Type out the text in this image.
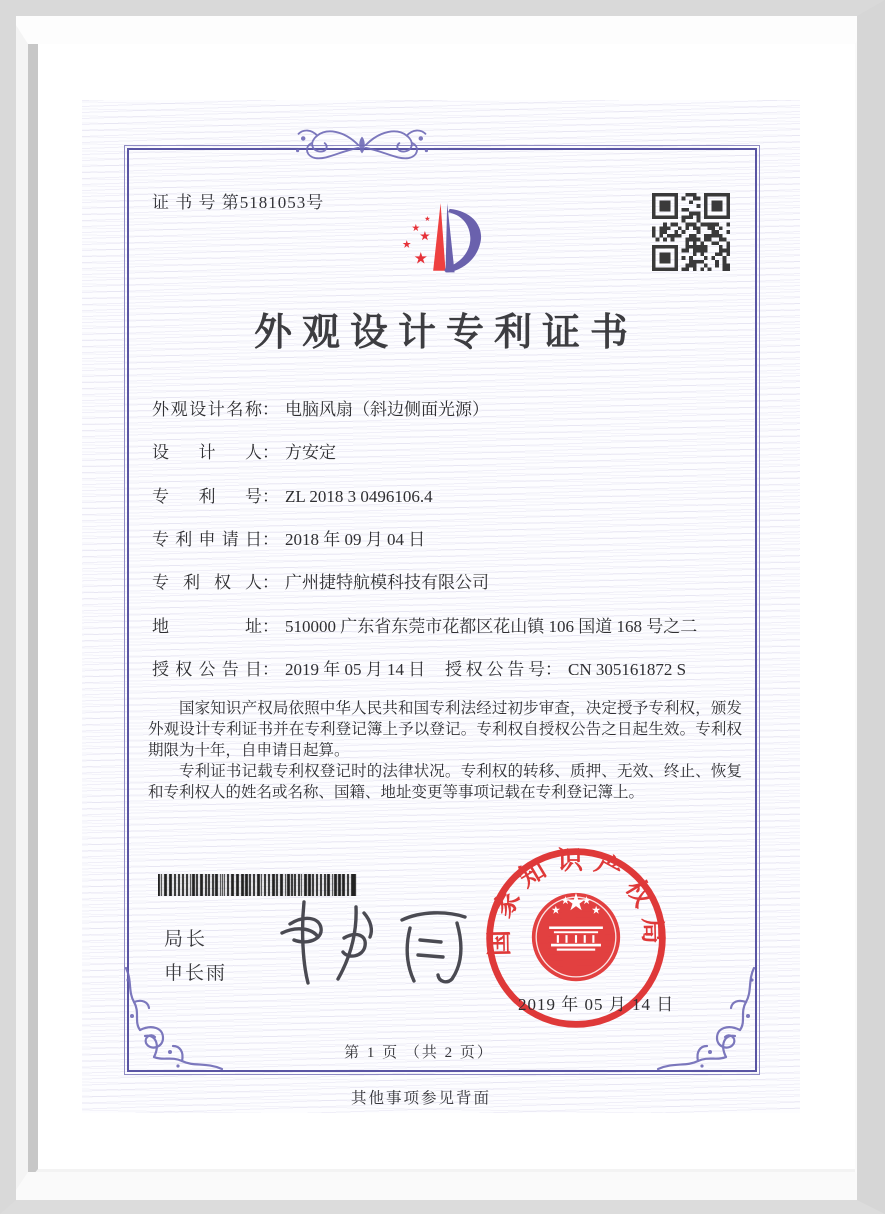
证 书 号 第5181053号
外观设计专利证书
外观设计名称 ： 电脑风扇（斜边侧面光源）
设计人 ： 方安定
专利号 ： ZL 2018 3 0496106.4
专利申请日 ： 2018 年 09 月 04 日
专利权人 ： 广州捷特航模科技有限公司
地址 ： 510000 广东省东莞市花都区花山镇 106 国道 168 号之二
授权公告日 ： 2019 年 05 月 14 日 授权公告号 ： CN 305161872 S

国家知识产权局依照中华人民共和国专利法经过初步审查，决定授予专利权，颁发外观设计专利证书并在专利登记簿上予以登记。专利权自授权公告之日起生效。专利权期限为十年，自申请日起算。

专利证书记载专利权登记时的法律状况。专利权的转移、质押、无效、终止、恢复和专利权人的姓名或名称、国籍、地址变更等事项记载在专利登记簿上。

局长
申长雨
国家知识产权局
2019 年 05 月 14 日
第 1 页 （共 2 页）
其他事项参见背面
